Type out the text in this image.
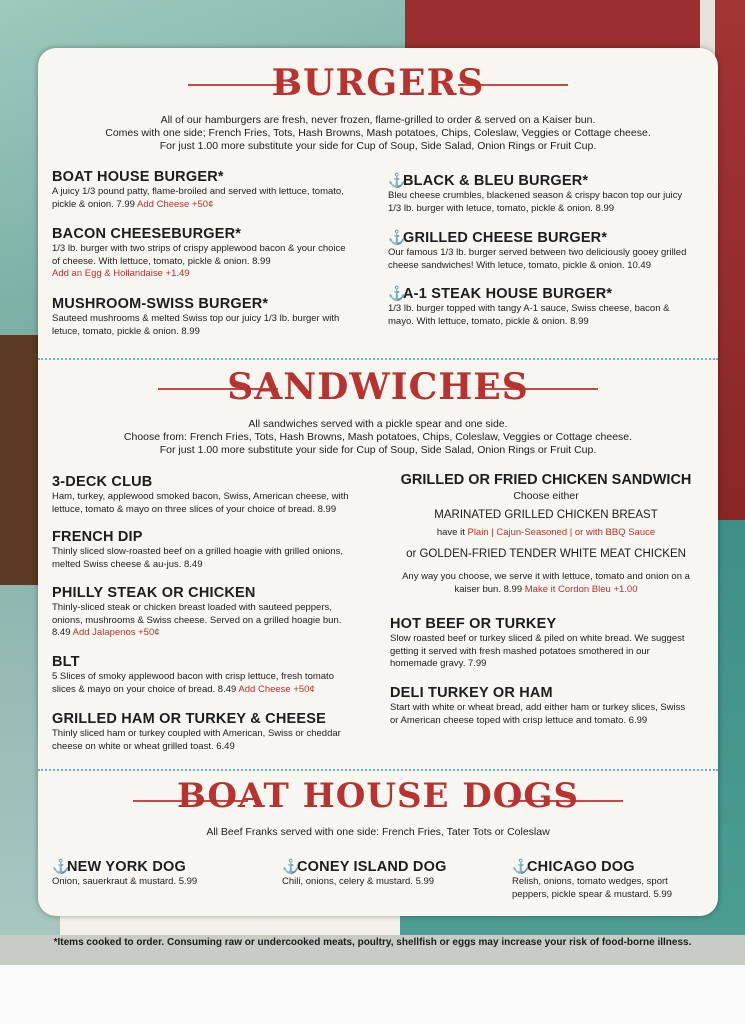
BURGERS
All of our hamburgers are fresh, never frozen, flame-grilled to order & served on a Kaiser bun.
Comes with one side; French Fries, Tots, Hash Browns, Mash potatoes, Chips, Coleslaw, Veggies or Cottage cheese.
For just 1.00 more substitute your side for Cup of Soup, Side Salad, Onion Rings or Fruit Cup.
BOAT HOUSE BURGER*
A juicy 1/3 pound patty, flame-broiled and served with lettuce, tomato, pickle & onion. 7.99 Add Cheese +50¢
BACON CHEESEBURGER*
1/3 lb. burger with two strips of crispy applewood bacon & your choice of cheese. With lettuce, tomato, pickle & onion. 8.99
Add an Egg & Hollandaise +1.49
MUSHROOM-SWISS BURGER*
Sauteed mushrooms & melted Swiss top our juicy 1/3 lb. burger with letuce, tomato, pickle & onion. 8.99
⚓BLACK & BLEU BURGER*
Bleu cheese crumbles, blackened season & crispy bacon top our juicy 1/3 lb. burger with letuce, tomato, pickle & onion. 8.99
⚓GRILLED CHEESE BURGER*
Our famous 1/3 lb. burger served between two deliciously gooey grilled cheese sandwiches! With letuce, tomato, pickle & onion. 10.49
⚓A-1 STEAK HOUSE BURGER*
1/3 lb. burger topped with tangy A-1 sauce, Swiss cheese, bacon & mayo. With lettuce, tomato, pickle & onion. 8.99
SANDWICHES
All sandwiches served with a pickle spear and one side.
Choose from: French Fries, Tots, Hash Browns, Mash potatoes, Chips, Coleslaw, Veggies or Cottage cheese.
For just 1.00 more substitute your side for Cup of Soup, Side Salad, Onion Rings or Fruit Cup.
3-DECK CLUB
Ham, turkey, applewood smoked bacon, Swiss, American cheese, with lettuce, tomato & mayo on three slices of your choice of bread. 8.99
FRENCH DIP
Thinly sliced slow-roasted beef on a grilled hoagie with grilled onions, melted Swiss cheese & au-jus. 8.49
PHILLY STEAK OR CHICKEN
Thinly-sliced steak or chicken breast loaded with sauteed peppers, onions, mushrooms & Swiss cheese. Served on a grilled hoagie bun. 8.49 Add Jalapenos +50¢
BLT
5 Slices of smoky applewood bacon with crisp lettuce, fresh tomato slices & mayo on your choice of bread. 8.49 Add Cheese +50¢
GRILLED HAM OR TURKEY & CHEESE
Thinly sliced ham or turkey coupled with American, Swiss or cheddar cheese on white or wheat grilled toast. 6.49
GRILLED OR FRIED CHICKEN SANDWICH
Choose either
MARINATED GRILLED CHICKEN BREAST
have it Plain | Cajun-Seasoned | or with BBQ Sauce
or GOLDEN-FRIED TENDER WHITE MEAT CHICKEN
Any way you choose, we serve it with lettuce, tomato and onion on a
kaiser bun. 8.99 Make it Cordon Bleu +1.00
HOT BEEF OR TURKEY
Slow roasted beef or turkey sliced & piled on white bread. We suggest getting it served with fresh mashed potatoes smothered in our homemade gravy. 7.99
DELI TURKEY OR HAM
Start with white or wheat bread, add either ham or turkey slices, Swiss or American cheese toped with crisp lettuce and tomato. 6.99
BOAT HOUSE DOGS
All Beef Franks served with one side: French Fries, Tater Tots or Coleslaw
⚓NEW YORK DOG
Onion, sauerkraut & mustard. 5.99
⚓CONEY ISLAND DOG
Chili, onions, celery & mustard. 5.99
⚓CHICAGO DOG
Relish, onions, tomato wedges, sport peppers, pickle spear & mustard. 5.99
*Items cooked to order. Consuming raw or undercooked meats, poultry, shellfish or eggs may increase your risk of food-borne illness.
